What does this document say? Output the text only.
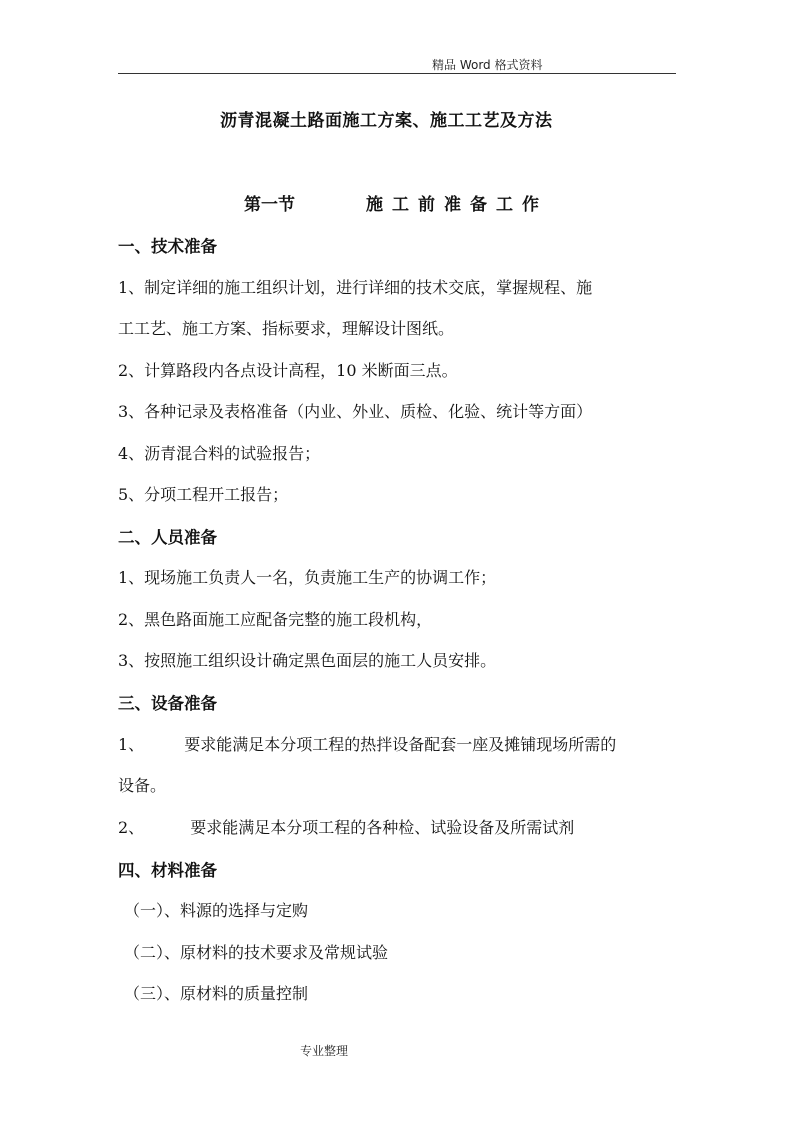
精品 Word 格式资料
沥青混凝土路面施工方案、施工工艺及方法
第一节	施工前准备工作
一、技术准备
1、制定详细的施工组织计划，进行详细的技术交底，掌握规程、施
工工艺、施工方案、指标要求，理解设计图纸。
2、计算路段内各点设计高程，10 米断面三点。
3、各种记录及表格准备（内业、外业、质检、化验、统计等方面）
4、沥青混合料的试验报告；
5、分项工程开工报告；
二、人员准备
1、现场施工负责人一名，负责施工生产的协调工作；
2、黑色路面施工应配备完整的施工段机构，
3、按照施工组织设计确定黑色面层的施工人员安排。
三、设备准备
1、	要求能满足本分项工程的热拌设备配套一座及摊铺现场所需的
设备。
2、	要求能满足本分项工程的各种检、试验设备及所需试剂
四、材料准备
（一）、料源的选择与定购
（二）、原材料的技术要求及常规试验
（三）、原材料的质量控制
专业整理
